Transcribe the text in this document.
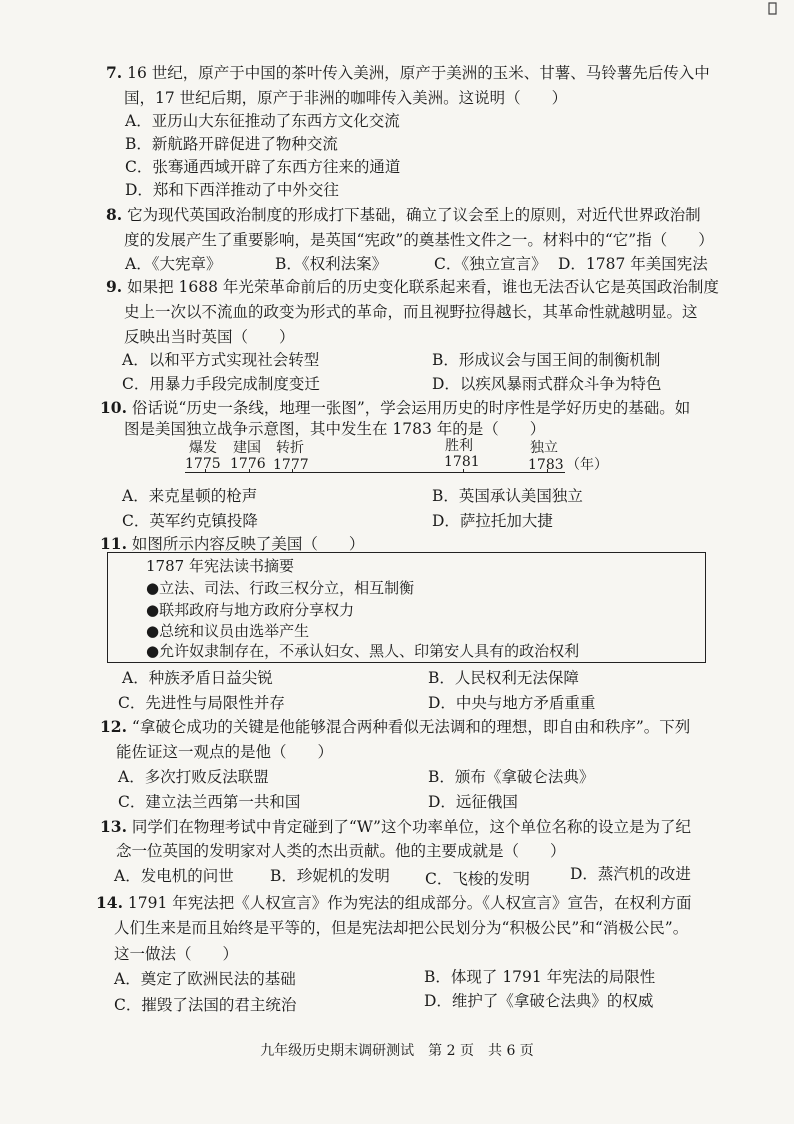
7. 16 世纪，原产于中国的茶叶传入美洲，原产于美洲的玉米、甘薯、马铃薯先后传入中
国，17 世纪后期，原产于非洲的咖啡传入美洲。这说明（　　）
A．亚历山大东征推动了东西方文化交流
B．新航路开辟促进了物种交流
C．张骞通西域开辟了东西方往来的通道
D．郑和下西洋推动了中外交往
8. 它为现代英国政治制度的形成打下基础，确立了议会至上的原则，对近代世界政治制
度的发展产生了重要影响，是英国“宪政”的奠基性文件之一。材料中的“它”指（　　）
A．《大宪章》	B．《权利法案》	C．《独立宣言》 D．1787 年美国宪法
9. 如果把 1688 年光荣革命前后的历史变化联系起来看，谁也无法否认它是英国政治制度
史上一次以不流血的政变为形式的革命，而且视野拉得越长，其革命性就越明显。这
反映出当时英国（　　）
A．以和平方式实现社会转型	B．形成议会与国王间的制衡机制
C．用暴力手段完成制度变迁	D．以疾风暴雨式群众斗争为特色
10. 俗话说“历史一条线，地理一张图”，学会运用历史的时序性是学好历史的基础。如
图是美国独立战争示意图，其中发生在 1783 年的是（　　）
爆发 建国 转折	胜利	独立
1775 1776 1777	1781	1783 （年）
A．来克星顿的枪声	B．英国承认美国独立
C．英军约克镇投降	D．萨拉托加大捷
11. 如图所示内容反映了美国（　　）
1787 年宪法读书摘要
●立法、司法、行政三权分立，相互制衡
●联邦政府与地方政府分享权力
●总统和议员由选举产生
●允许奴隶制存在，不承认妇女、黑人、印第安人具有的政治权利
A．种族矛盾日益尖锐	B．人民权利无法保障
C．先进性与局限性并存	D．中央与地方矛盾重重
12. “拿破仑成功的关键是他能够混合两种看似无法调和的理想，即自由和秩序”。下列
能佐证这一观点的是他（　　）
A．多次打败反法联盟	B．颁布《拿破仑法典》
C．建立法兰西第一共和国	D．远征俄国
13. 同学们在物理考试中肯定碰到了“W”这个功率单位，这个单位名称的设立是为了纪
念一位英国的发明家对人类的杰出贡献。他的主要成就是（　　）
A．发电机的问世 B．珍妮机的发明 C．飞梭的发明	D．蒸汽机的改进
14. 1791 年宪法把《人权宣言》作为宪法的组成部分。《人权宣言》宣告，在权利方面
人们生来是而且始终是平等的，但是宪法却把公民划分为“积极公民”和“消极公民”。
这一做法（　　）
A．奠定了欧洲民法的基础	B．体现了 1791 年宪法的局限性
C．摧毁了法国的君主统治	D．维护了《拿破仑法典》的权威
九年级历史期末调研测试　第 2 页　共 6 页
